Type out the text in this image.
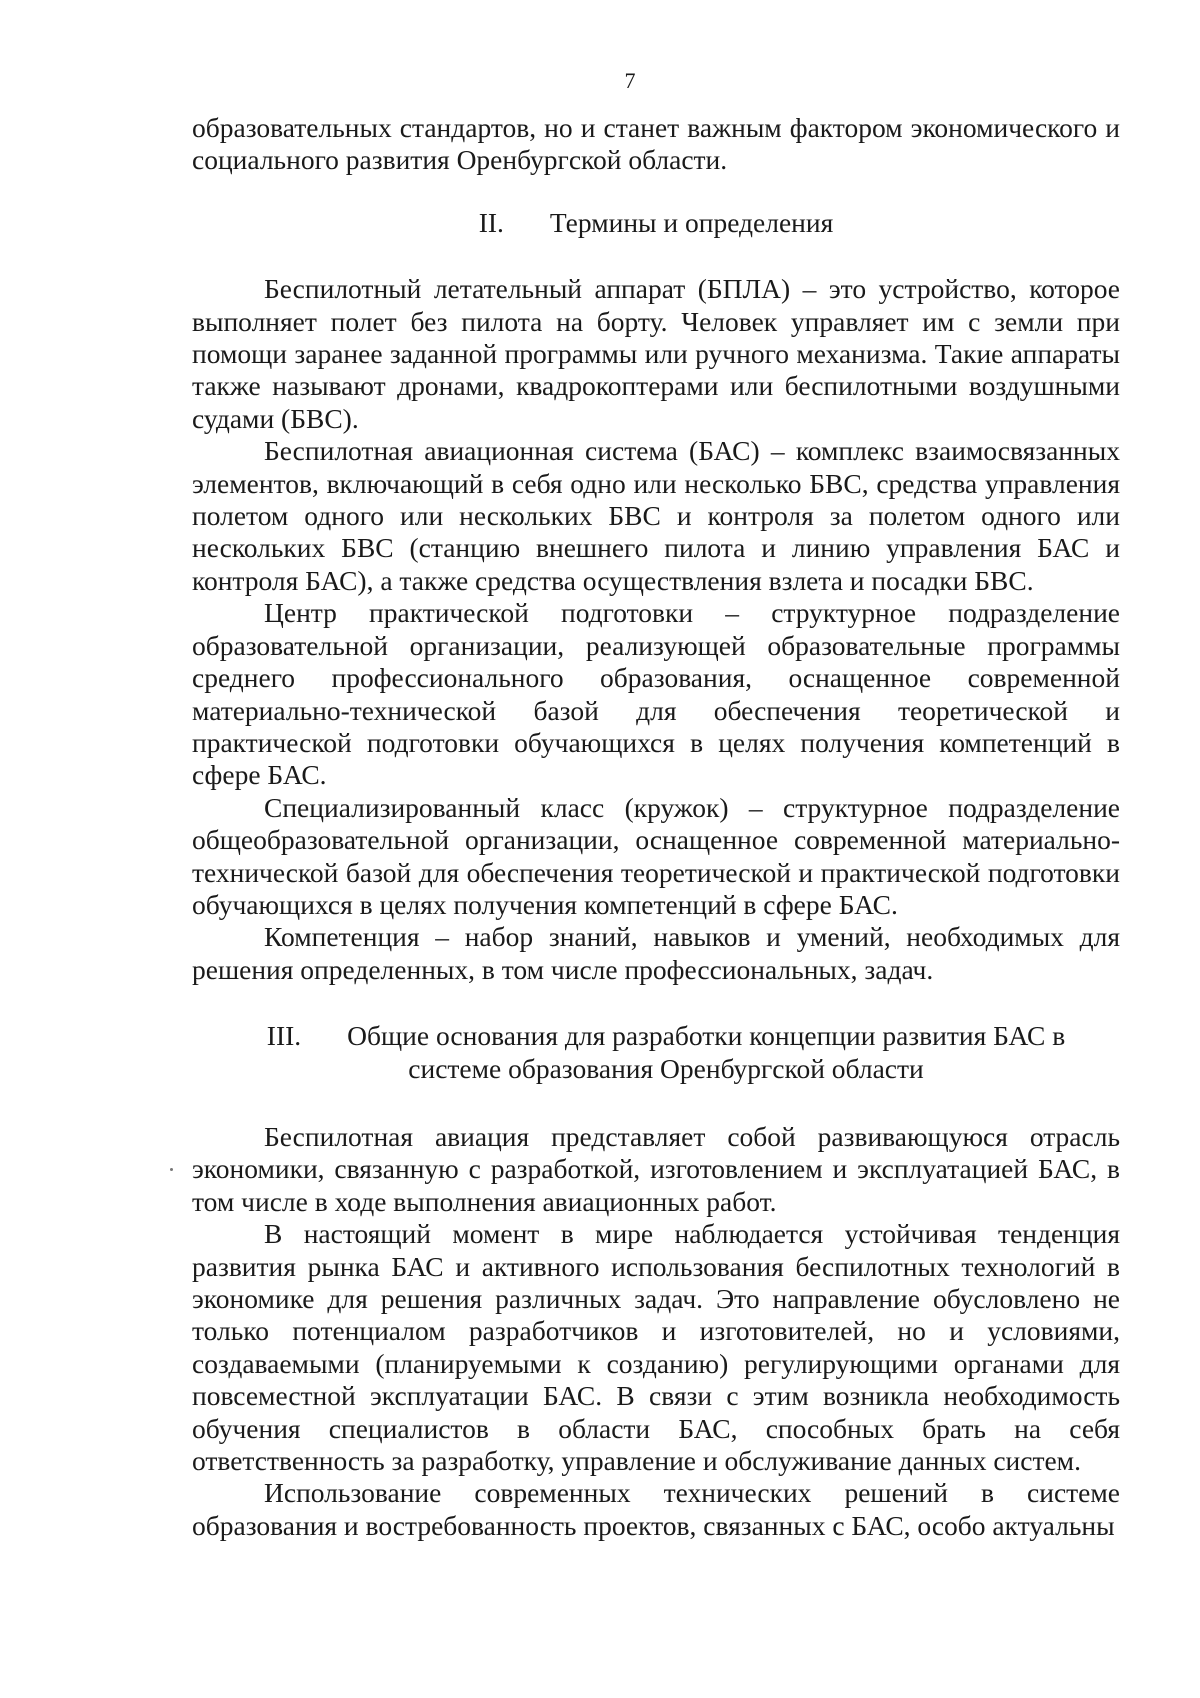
7

образовательных стандартов, но и станет важным фактором экономического и социального развития Оренбургской области.

II. Термины и определения

Беспилотный летательный аппарат (БПЛА) – это устройство, которое выполняет полет без пилота на борту. Человек управляет им с земли при помощи заранее заданной программы или ручного механизма. Такие аппараты также называют дронами, квадрокоптерами или беспилотными воздушными судами (БВС).

Беспилотная авиационная система (БАС) – комплекс взаимосвязанных элементов, включающий в себя одно или несколько БВС, средства управления полетом одного или нескольких БВС и контроля за полетом одного или нескольких БВС (станцию внешнего пилота и линию управления БАС и контроля БАС), а также средства осуществления взлета и посадки БВС.

Центр практической подготовки – структурное подразделение образовательной организации, реализующей образовательные программы среднего профессионального образования, оснащенное современной материально-технической базой для обеспечения теоретической и практической подготовки обучающихся в целях получения компетенций в сфере БАС.

Специализированный класс (кружок) – структурное подразделение общеобразовательной организации, оснащенное современной материально-технической базой для обеспечения теоретической и практической подготовки обучающихся в целях получения компетенций в сфере БАС.

Компетенция – набор знаний, навыков и умений, необходимых для решения определенных, в том числе профессиональных, задач.

III. Общие основания для разработки концепции развития БАС в
системе образования Оренбургской области

Беспилотная авиация представляет собой развивающуюся отрасль экономики, связанную с разработкой, изготовлением и эксплуатацией БАС, в том числе в ходе выполнения авиационных работ.

В настоящий момент в мире наблюдается устойчивая тенденция развития рынка БАС и активного использования беспилотных технологий в экономике для решения различных задач. Это направление обусловлено не только потенциалом разработчиков и изготовителей, но и условиями, создаваемыми (планируемыми к созданию) регулирующими органами для повсеместной эксплуатации БАС. В связи с этим возникла необходимость обучения специалистов в области БАС, способных брать на себя ответственность за разработку, управление и обслуживание данных систем.

Использование современных технических решений в системе образования и востребованность проектов, связанных с БАС, особо актуальны
